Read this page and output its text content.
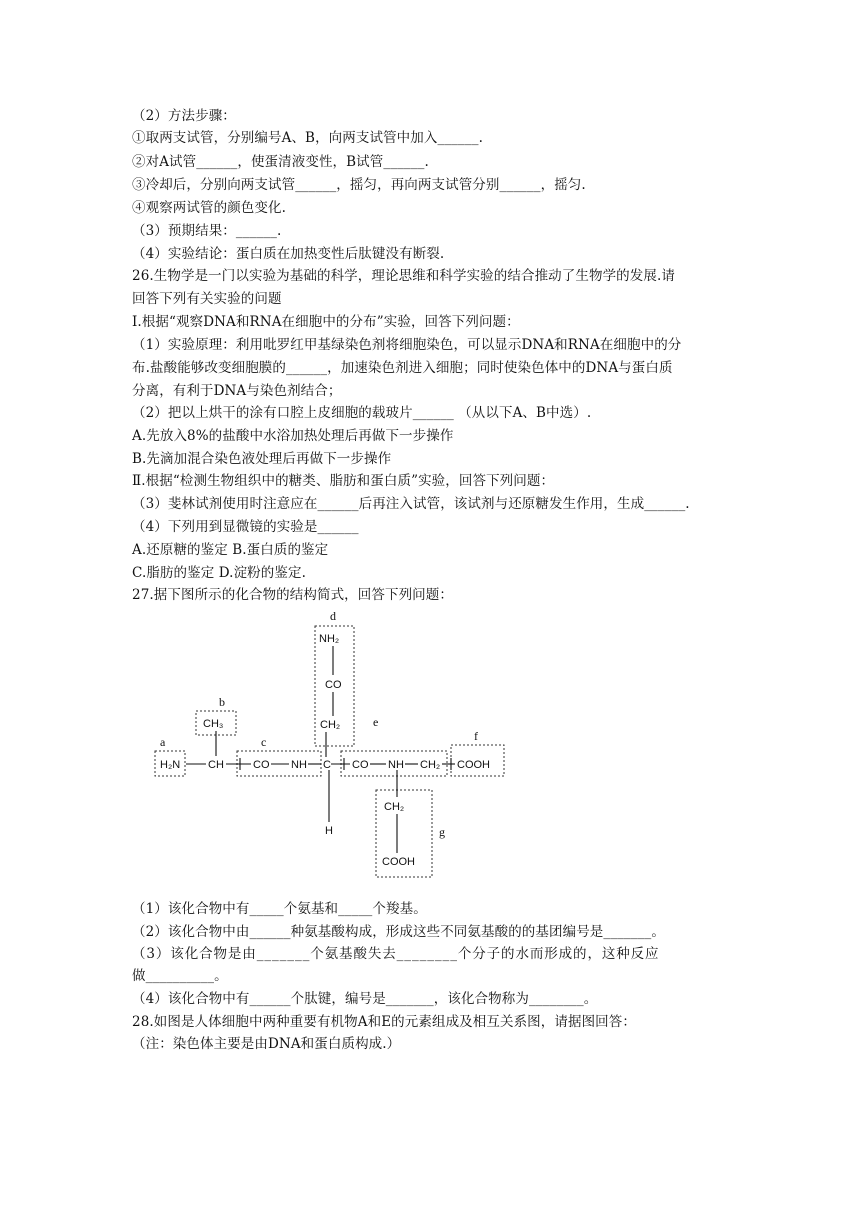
（2）方法步骤：
①取两支试管，分别编号A、B，向两支试管中加入______.
②对A试管______，使蛋清液变性，B试管______.
③冷却后，分别向两支试管______，摇匀，再向两支试管分别______，摇匀.
④观察两试管的颜色变化.
（3）预期结果：______.
（4）实验结论：蛋白质在加热变性后肽键没有断裂.
26.生物学是一门以实验为基础的科学，理论思维和科学实验的结合推动了生物学的发展.请
回答下列有关实验的问题
Ⅰ.根据“观察DNA和RNA在细胞中的分布”实验，回答下列问题：
（1）实验原理：利用吡罗红甲基绿染色剂将细胞染色，可以显示DNA和RNA在细胞中的分
布.盐酸能够改变细胞膜的______，加速染色剂进入细胞；同时使染色体中的DNA与蛋白质
分离，有利于DNA与染色剂结合；
（2）把以上烘干的涂有口腔上皮细胞的载玻片______ （从以下A、B中选）.
A.先放入8%的盐酸中水浴加热处理后再做下一步操作
B.先滴加混合染色液处理后再做下一步操作
Ⅱ.根据“检测生物组织中的糖类、脂肪和蛋白质”实验，回答下列问题：
（3）斐林试剂使用时注意应在______后再注入试管，该试剂与还原糖发生作用，生成______.
（4）下列用到显微镜的实验是______
A.还原糖的鉴定 B.蛋白质的鉴定
C.脂肪的鉴定 D.淀粉的鉴定.
27.据下图所示的化合物的结构简式，回答下列问题：
a
b
c
d
e
f
g
H₂N	CH	CO NH C CO NH CH₂ COOH
CH₃
NH₂
CO
CH₂
H
CH₂
COOH
（1）该化合物中有_____个氨基和_____个羧基。
（2）该化合物中由______种氨基酸构成，形成这些不同氨基酸的的基团编号是_______。
（3）该化合物是由_______个氨基酸失去________个分子的水而形成的，这种反应
做__________。
（4）该化合物中有______个肽键，编号是_______，该化合物称为________。
28.如图是人体细胞中两种重要有机物A和E的元素组成及相互关系图，请据图回答：
（注：染色体主要是由DNA和蛋白质构成.）
